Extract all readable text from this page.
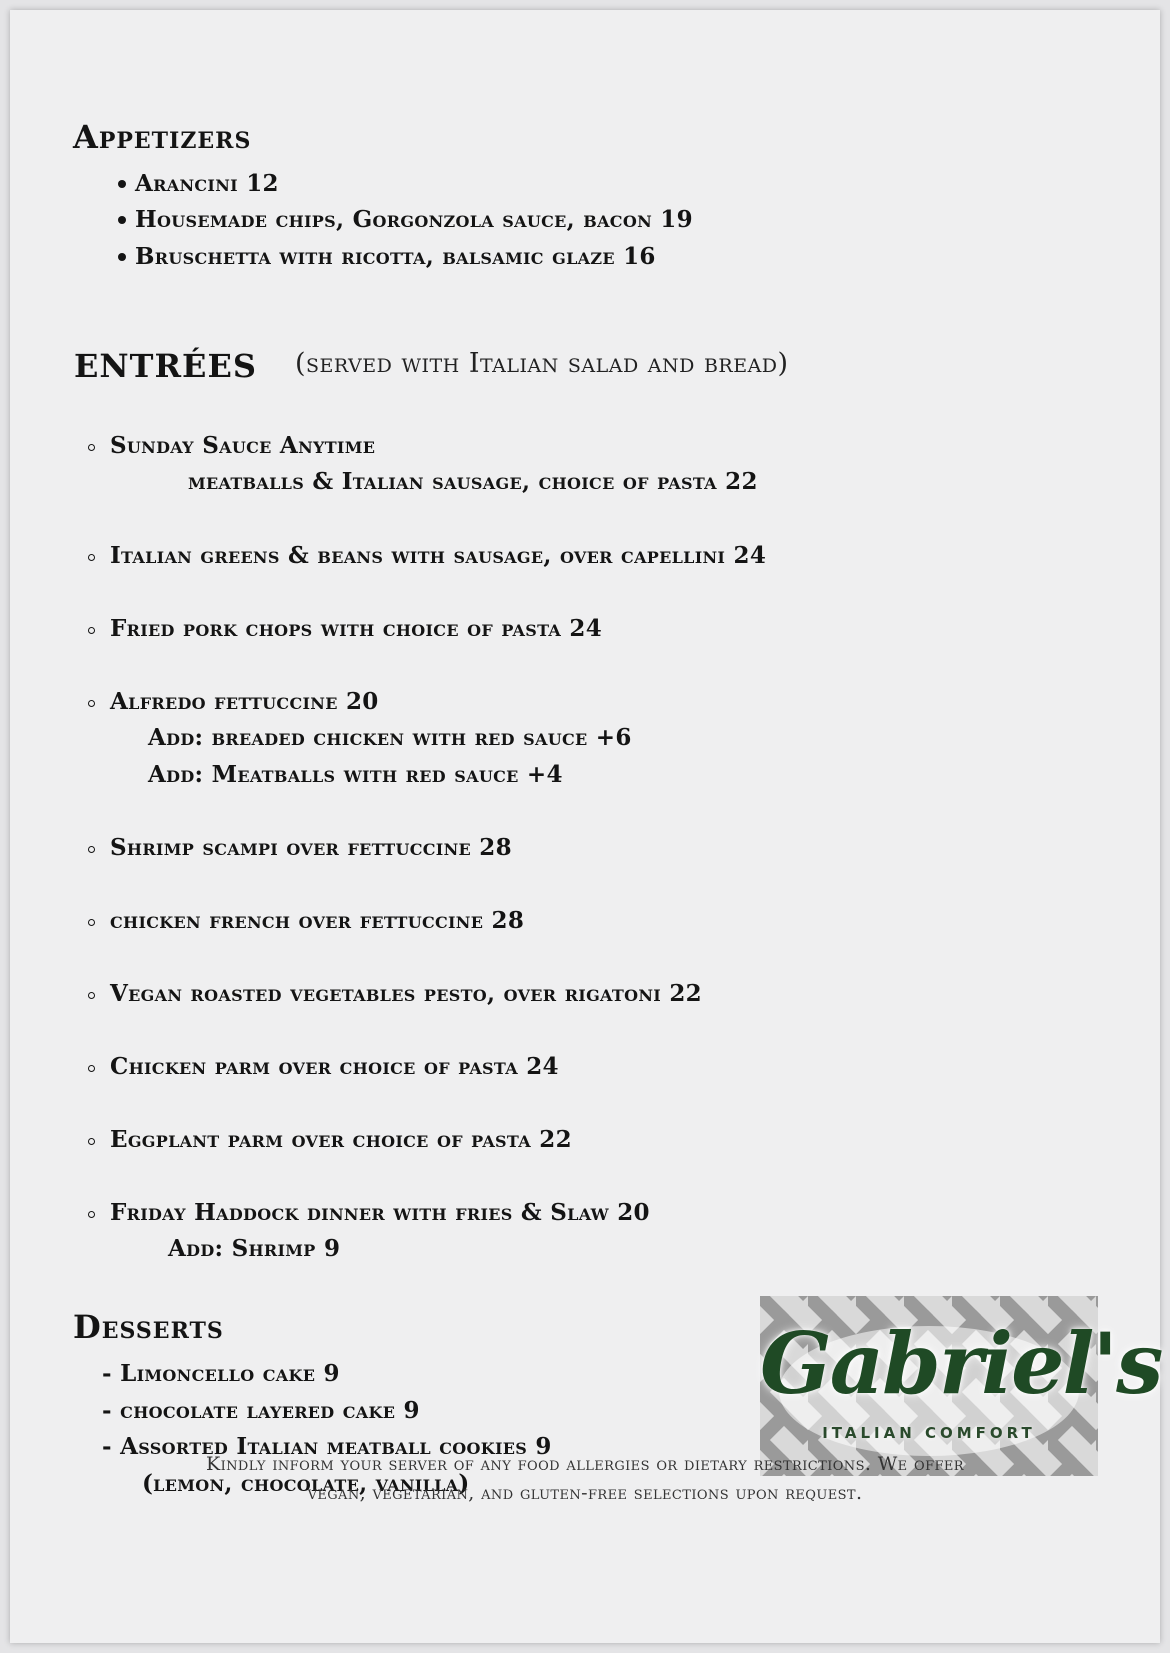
Appetizers

Arancini 12

Housemade chips, Gorgonzola sauce, bacon 19

Bruschetta with ricotta, balsamic glaze 16

ENTRÉES (served with Italian salad and bread)

Sunday Sauce Anytime

meatballs & Italian sausage, choice of pasta 22

Italian greens & beans with sausage, over capellini 24

Fried pork chops with choice of pasta 24

Alfredo fettuccine 20

Add: breaded chicken with red sauce +6

Add: Meatballs with red sauce +4

Shrimp scampi over fettuccine 28

chicken french over fettuccine 28

Vegan roasted vegetables pesto, over rigatoni 22

Chicken parm over choice of pasta 24

Eggplant parm over choice of pasta 22

Friday Haddock dinner with fries & Slaw 20

Add: Shrimp 9

Desserts

- Limoncello cake 9

- chocolate layered cake 9

- Assorted Italian meatball cookies 9

(lemon, chocolate, vanilla)

Gabriel's
ITALIAN COMFORT
Kindly inform your server of any food allergies or dietary restrictions. We offer
vegan, vegetarian, and gluten-free selections upon request.
